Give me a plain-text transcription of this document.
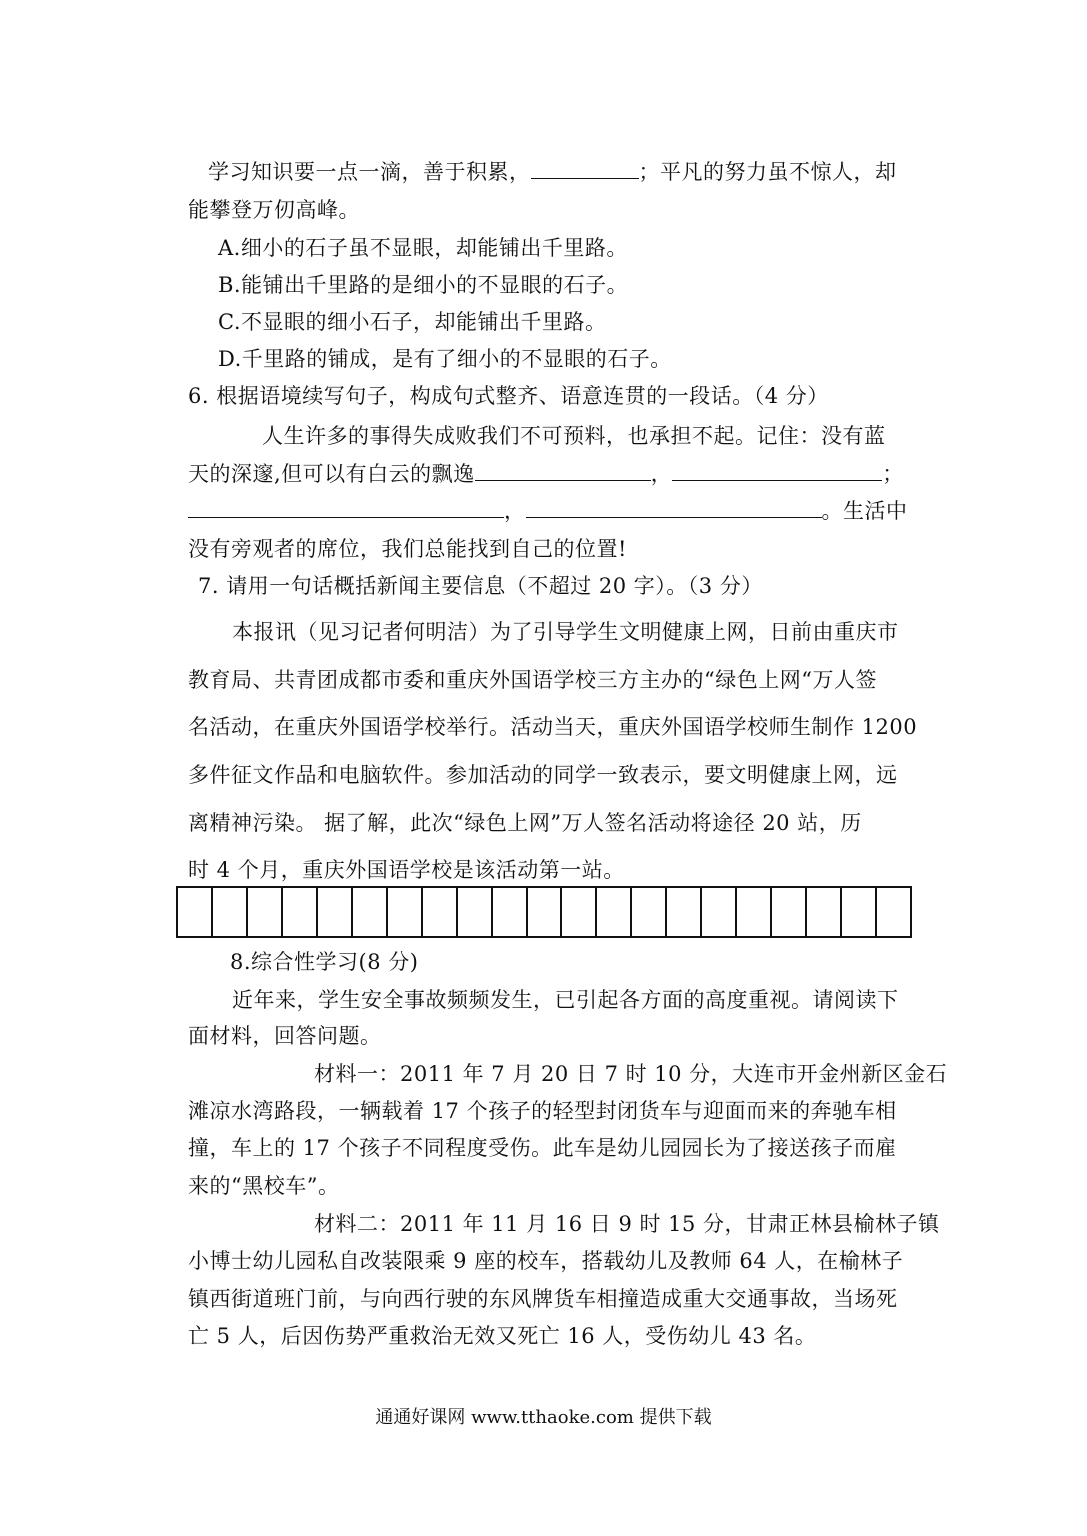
学习知识要一点一滴，善于积累，	；平凡的努力虽不惊人，却
能攀登万仞高峰。
A.细小的石子虽不显眼，却能铺出千里路。
B.能铺出千里路的是细小的不显眼的石子。
C.不显眼的细小石子，却能铺出千里路。
D.千里路的铺成，是有了细小的不显眼的石子。
6. 根据语境续写句子，构成句式整齐、语意连贯的一段话。（4 分）
人生许多的事得失成败我们不可预料，也承担不起。记住：没有蓝
天的深邃,但可以有白云的飘逸	，	；
，	。生活中
没有旁观者的席位，我们总能找到自己的位置!
7. 请用一句话概括新闻主要信息（不超过 20 字）。（3 分）
本报讯（见习记者何明洁）为了引导学生文明健康上网，日前由重庆市
教育局、共青团成都市委和重庆外国语学校三方主办的“绿色上网“万人签
名活动，在重庆外国语学校举行。活动当天，重庆外国语学校师生制作 1200
多件征文作品和电脑软件。参加活动的同学一致表示，要文明健康上网，远
离精神污染。 据了解，此次“绿色上网”万人签名活动将途径 20 站，历
时 4 个月，重庆外国语学校是该活动第一站。
8.综合性学习(8 分)
近年来，学生安全事故频频发生，已引起各方面的高度重视。请阅读下
面材料，回答问题。
材料一：2011 年 7 月 20 日 7 时 10 分，大连市开金州新区金石
滩凉水湾路段，一辆载着 17 个孩子的轻型封闭货车与迎面而来的奔驰车相
撞，车上的 17 个孩子不同程度受伤。此车是幼儿园园长为了接送孩子而雇
来的“黑校车”。
材料二：2011 年 11 月 16 日 9 时 15 分，甘肃正林县榆林子镇
小博士幼儿园私自改装限乘 9 座的校车，搭载幼儿及教师 64 人，在榆林子
镇西街道班门前，与向西行驶的东风牌货车相撞造成重大交通事故，当场死
亡 5 人，后因伤势严重救治无效又死亡 16 人，受伤幼儿 43 名。
通通好课网 www.tthaoke.com 提供下载
